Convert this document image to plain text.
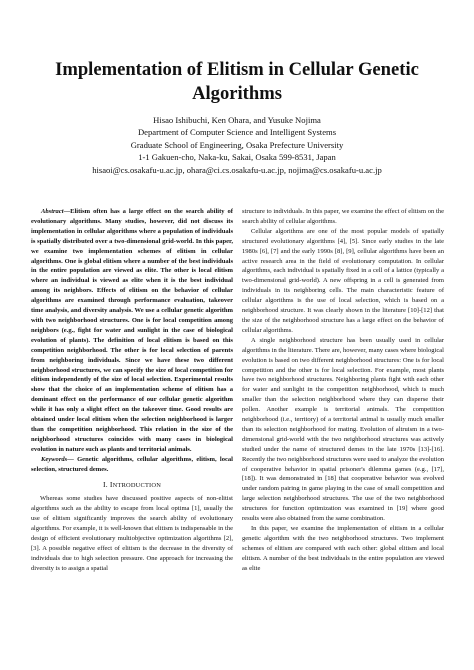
Implementation of Elitism in Cellular Genetic
Algorithms
Hisao Ishibuchi, Ken Ohara, and Yusuke Nojima
Department of Computer Science and Intelligent Systems
Graduate School of Engineering, Osaka Prefecture University
1-1 Gakuen-cho, Naka-ku, Sakai, Osaka 599-8531, Japan
hisaoi@cs.osakafu-u.ac.jp, ohara@ci.cs.osakafu-u.ac.jp, nojima@cs.osakafu-u.ac.jp

Abstract—Elitism often has a large effect on the search ability of evolutionary algorithms. Many studies, however, did not discuss its implementation in cellular algorithms where a population of individuals is spatially distributed over a two-dimensional grid-world. In this paper, we examine two implementation schemes of elitism in cellular algorithms. One is global elitism where a number of the best individuals in the entire population are viewed as elite. The other is local elitism where an individual is viewed as elite when it is the best individual among its neighbors. Effects of elitism on the behavior of cellular algorithms are examined through performance evaluation, takeover time analysis, and diversity analysis. We use a cellular genetic algorithm with two neighborhood structures. One is for local competition among neighbors (e.g., fight for water and sunlight in the case of biological evolution of plants). The definition of local elitism is based on this competition neighborhood. The other is for local selection of parents from neighboring individuals. Since we have these two different neighborhood structures, we can specify the size of local competition for elitism independently of the size of local selection. Experimental results show that the choice of an implementation scheme of elitism has a dominant effect on the performance of our cellular genetic algorithm while it has only a slight effect on the takeover time. Good results are obtained under local elitism when the selection neighborhood is larger than the competition neighborhood. This relation in the size of the neighborhood structures coincides with many cases in biological evolution in nature such as plants and territorial animals.

Keywords— Genetic algorithms, cellular algorithms, elitism, local selection, structured demes.

I. INTRODUCTION

Whereas some studies have discussed positive aspects of non-elitist algorithms such as the ability to escape from local optima [1], usually the use of elitism significantly improves the search ability of evolutionary algorithms. For example, it is well-known that elitism is indispensable in the design of efficient evolutionary multiobjective optimization algorithms [2], [3]. A possible negative effect of elitism is the decrease in the diversity of individuals due to high selection pressure. One approach for increasing the diversity is to assign a spatial

structure to individuals. In this paper, we examine the effect of elitism on the search ability of cellular algorithms.

Cellular algorithms are one of the most popular models of spatially structured evolutionary algorithms [4], [5]. Since early studies in the late 1980s [6], [7] and the early 1990s [8], [9], cellular algorithms have been an active research area in the field of evolutionary computation. In cellular algorithms, each individual is spatially fixed in a cell of a lattice (typically a two-dimensional grid-world). A new offspring in a cell is generated from individuals in its neighboring cells. The main characteristic feature of cellular algorithms is the use of local selection, which is based on a neighborhood structure. It was clearly shown in the literature [10]-[12] that the size of the neighborhood structure has a large effect on the behavior of cellular algorithms.

A single neighborhood structure has been usually used in cellular algorithms in the literature. There are, however, many cases where biological evolution is based on two different neighborhood structures: One is for local competition and the other is for local selection. For example, most plants have two neighborhood structures. Neighboring plants fight with each other for water and sunlight in the competition neighborhood, which is much smaller than the selection neighborhood where they can disperse their pollen. Another example is territorial animals. The competition neighborhood (i.e., territory) of a territorial animal is usually much smaller than its selection neighborhood for mating. Evolution of altruism in a two-dimensional grid-world with the two neighborhood structures was actively studied under the name of structured demes in the late 1970s [13]-[16]. Recently the two neighborhood structures were used to analyze the evolution of cooperative behavior in spatial prisoner's dilemma games (e.g., [17], [18]). It was demonstrated in [18] that cooperative behavior was evolved under random pairing in game playing in the case of small competition and large selection neighborhood structures. The use of the two neighborhood structures for function optimization was examined in [19] where good results were also obtained from the same combination.

In this paper, we examine the implementation of elitism in a cellular genetic algorithm with the two neighborhood structures. Two implement schemes of elitism are compared with each other: global elitism and local elitism. A number of the best individuals in the entire population are viewed as elite
